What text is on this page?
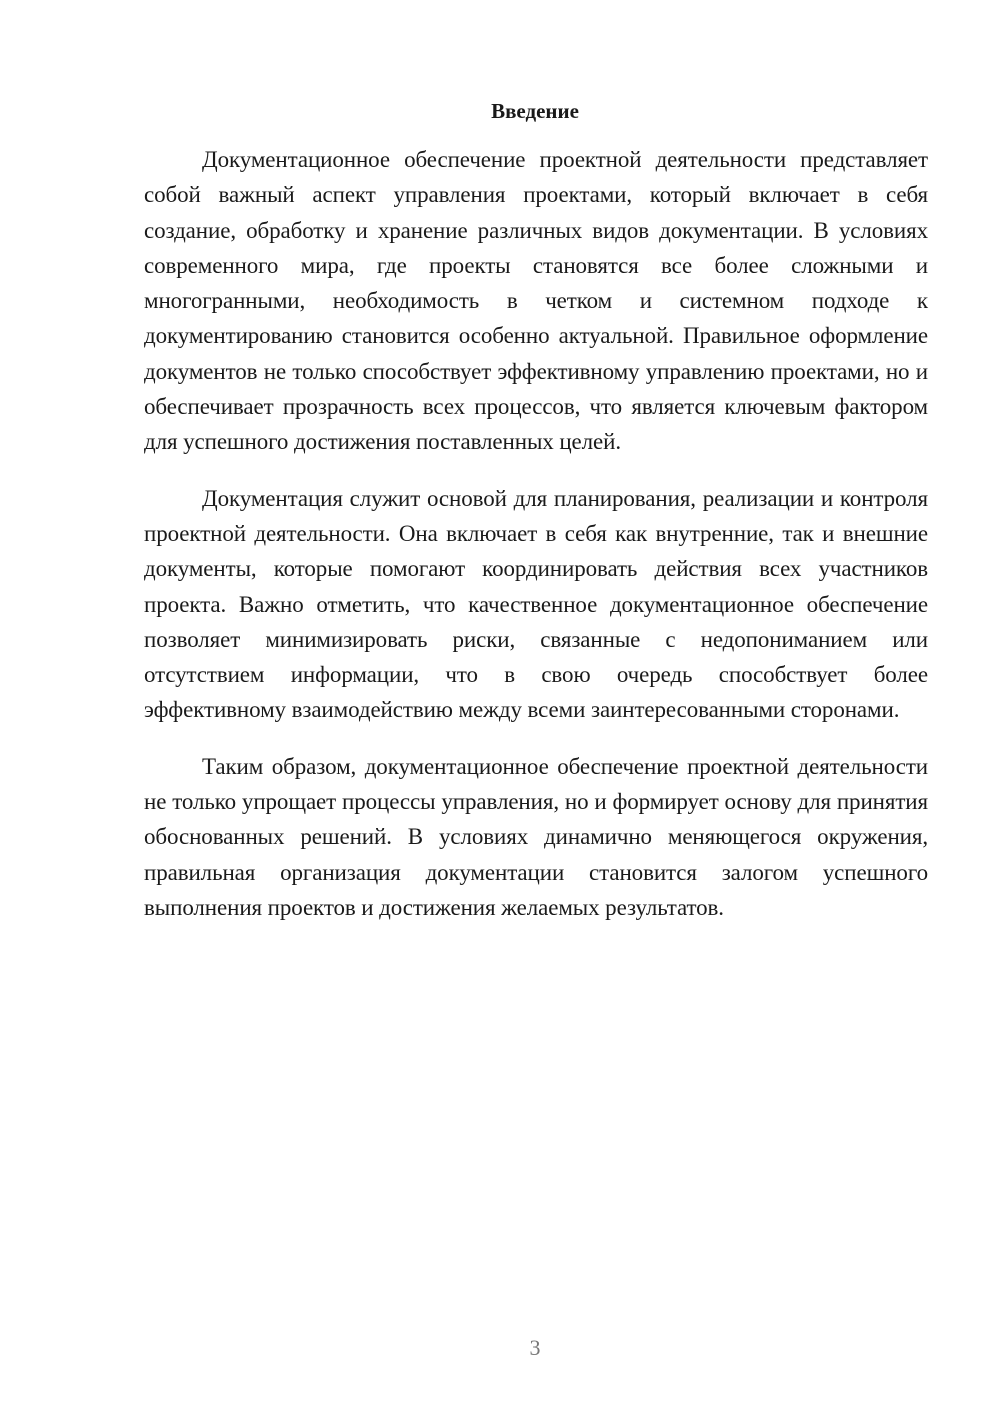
Введение

Документационное обеспечение проектной деятельности представляет собой важный аспект управления проектами, который включает в себя создание, обработку и хранение различных видов документации. В условиях современного мира, где проекты становятся все более сложными и многогранными, необходимость в четком и системном подходе к документированию становится особенно актуальной. Правильное оформление документов не только способствует эффективному управлению проектами, но и обеспечивает прозрачность всех процессов, что является ключевым фактором для успешного достижения поставленных целей.

Документация служит основой для планирования, реализации и контроля проектной деятельности. Она включает в себя как внутренние, так и внешние документы, которые помогают координировать действия всех участников проекта. Важно отметить, что качественное документационное обеспечение позволяет минимизировать риски, связанные с недопониманием или отсутствием информации, что в свою очередь способствует более эффективному взаимодействию между всеми заинтересованными сторонами.

Таким образом, документационное обеспечение проектной деятельности не только упрощает процессы управления, но и формирует основу для принятия обоснованных решений. В условиях динамично меняющегося окружения, правильная организация документации становится залогом успешного выполнения проектов и достижения желаемых результатов.

3
